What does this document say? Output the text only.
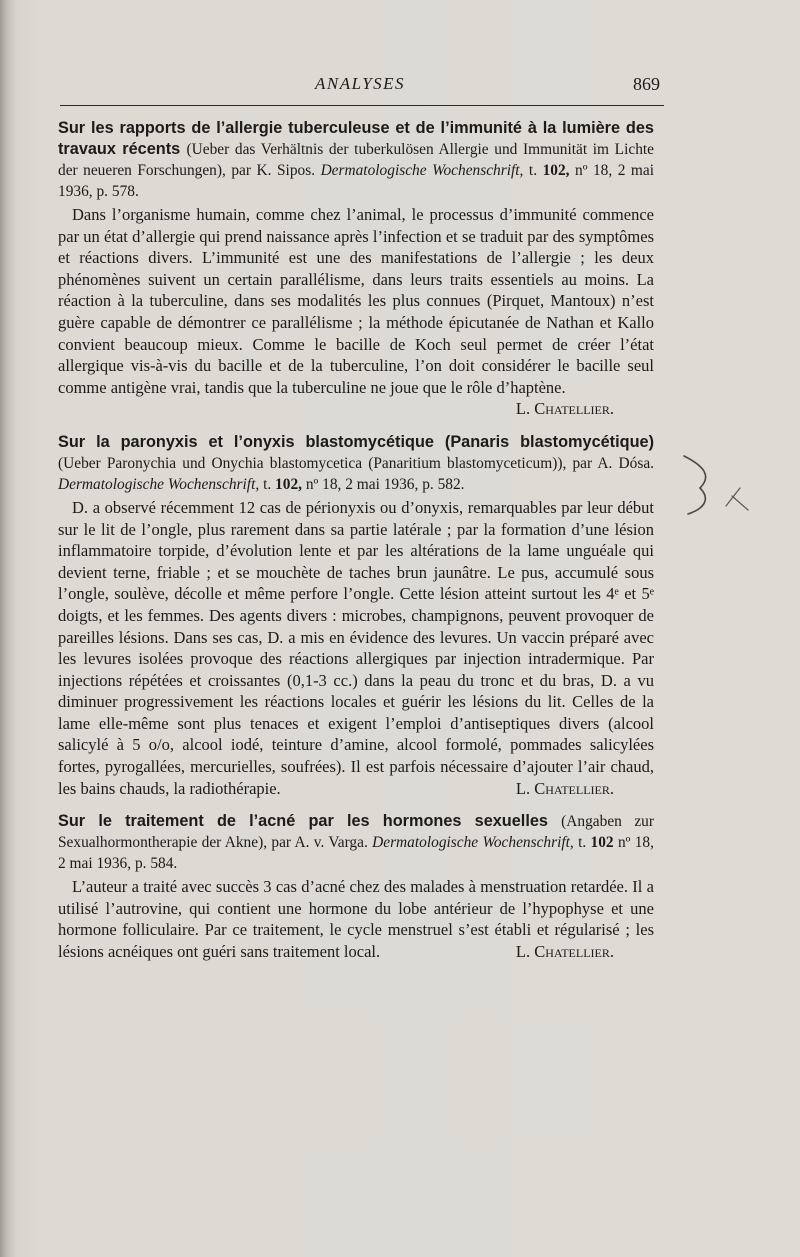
ANALYSES	869

Sur les rapports de l’allergie tuberculeuse et de l’immunité à la lumière des travaux récents (Ueber das Verhältnis der tuberkulösen Allergie und Immunität im Lichte der neueren Forschungen), par K. Sipos. Dermatologische Wochenschrift, t. 102, nº 18, 2 mai 1936, p. 578.

Dans l’organisme humain, comme chez l’animal, le processus d’immunité commence par un état d’allergie qui prend naissance après l’infection et se traduit par des symptômes et réactions divers. L’immunité est une des manifestations de l’allergie ; les deux phénomènes suivent un certain parallélisme, dans leurs traits essentiels au moins. La réaction à la tuberculine, dans ses modalités les plus connues (Pirquet, Mantoux) n’est guère capable de démontrer ce parallélisme ; la méthode épicutanée de Nathan et Kallo convient beaucoup mieux. Comme le bacille de Koch seul permet de créer l’état allergique vis-à-vis du bacille et de la tuberculine, l’on doit considérer le bacille seul comme antigène vrai, tandis que la tuberculine ne joue que le rôle d’haptène.
L. Chatellier.

Sur la paronyxis et l’onyxis blastomycétique (Panaris blastomycétique) (Ueber Paronychia und Onychia blastomycetica (Panaritium blastomyceticum)), par A. Dósa. Dermatologische Wochenschrift, t. 102, nº 18, 2 mai 1936, p. 582.

D. a observé récemment 12 cas de périonyxis ou d’onyxis, remarquables par leur début sur le lit de l’ongle, plus rarement dans sa partie latérale ; par la formation d’une lésion inflammatoire torpide, d’évolution lente et par les altérations de la lame unguéale qui devient terne, friable ; et se mouchète de taches brun jaunâtre. Le pus, accumulé sous l’ongle, soulève, décolle et même perfore l’ongle. Cette lésion atteint surtout les 4ᵉ et 5ᵉ doigts, et les femmes. Des agents divers : microbes, champignons, peuvent provoquer de pareilles lésions. Dans ses cas, D. a mis en évidence des levures. Un vaccin préparé avec les levures isolées provoque des réactions allergiques par injection intradermique. Par injections répétées et croissantes (0,1-3 cc.) dans la peau du tronc et du bras, D. a vu diminuer progressivement les réactions locales et guérir les lésions du lit. Celles de la lame elle-même sont plus tenaces et exigent l’emploi d’antiseptiques divers (alcool salicylé à 5 o/o, alcool iodé, teinture d’amine, alcool formolé, pommades salicylées fortes, pyrogallées, mercurielles, soufrées). Il est parfois nécessaire d’ajouter l’air chaud, les bains chauds, la radiothérapie.	L. Chatellier.

Sur le traitement de l’acné par les hormones sexuelles (Angaben zur Sexualhormontherapie der Akne), par A. v. Varga. Dermatologische Wochenschrift, t. 102 nº 18, 2 mai 1936, p. 584.

L’auteur a traité avec succès 3 cas d’acné chez des malades à menstruation retardée. Il a utilisé l’autrovine, qui contient une hormone du lobe antérieur de l’hypophyse et une hormone folliculaire. Par ce traitement, le cycle menstruel s’est établi et régularisé ; les lésions acnéiques ont guéri sans traitement local.	L. Chatellier.
